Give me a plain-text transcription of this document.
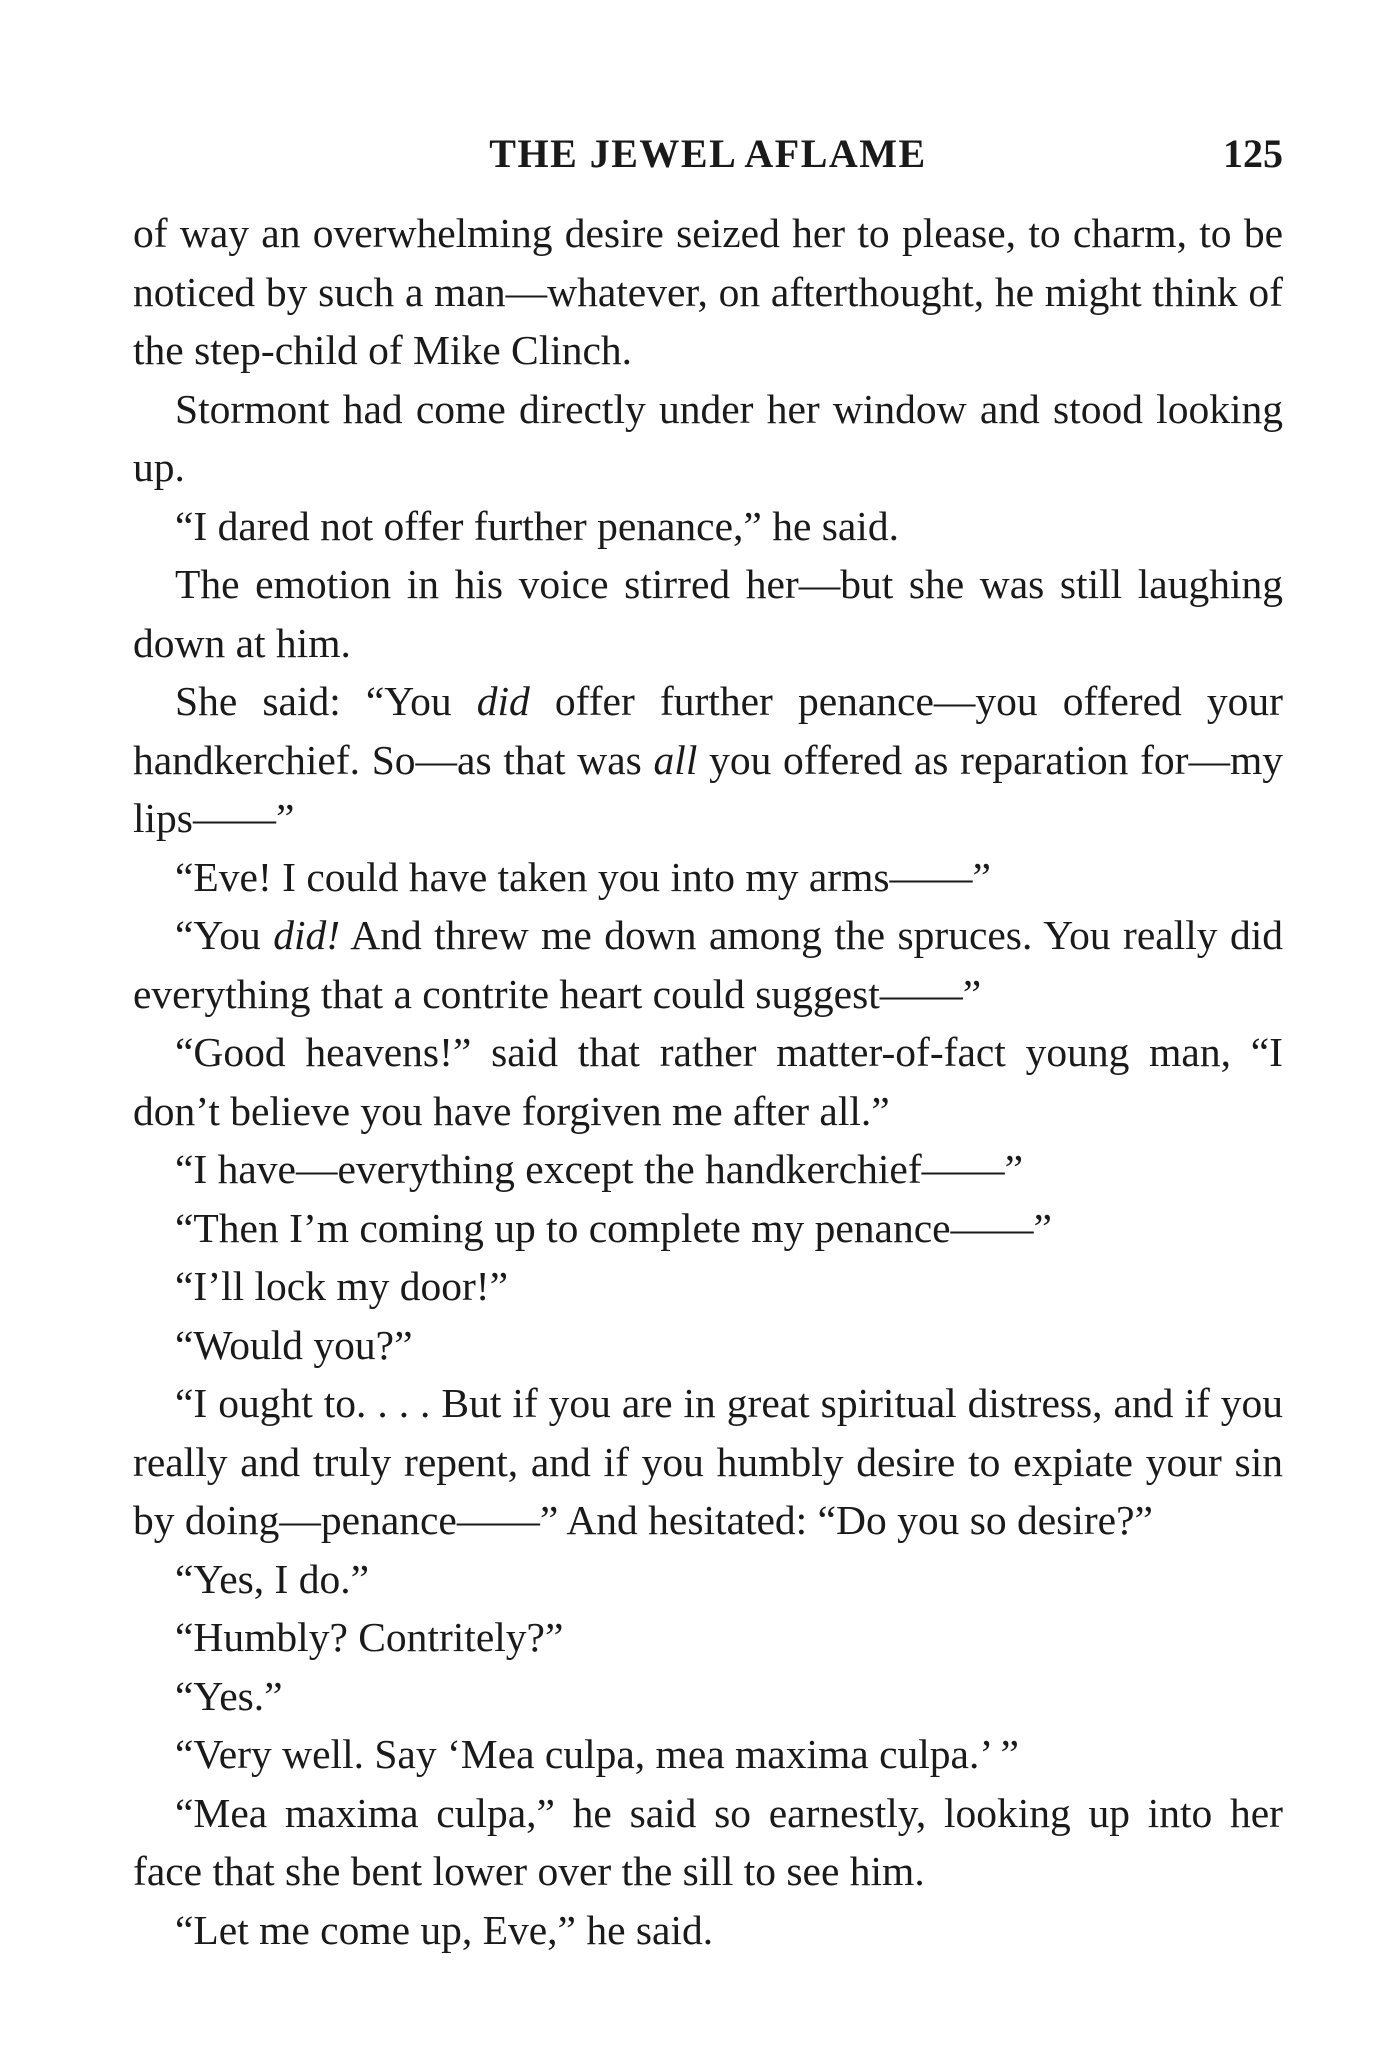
THE JEWEL AFLAME	125

of way an overwhelming desire seized her to please, to charm, to be noticed by such a man—whatever, on afterthought, he might think of the step-child of Mike Clinch.

Stormont had come directly under her window and stood looking up.

“I dared not offer further penance,” he said.

The emotion in his voice stirred her—but she was still laughing down at him.

She said: “You did offer further penance—you offered your handkerchief. So—as that was all you offered as reparation for—my lips——”

“Eve! I could have taken you into my arms——”

“You did! And threw me down among the spruces. You really did everything that a contrite heart could suggest——”

“Good heavens!” said that rather matter-of-fact young man, “I don’t believe you have forgiven me after all.”

“I have—everything except the handkerchief——”

“Then I’m coming up to complete my penance——”

“I’ll lock my door!”

“Would you?”

“I ought to. . . . But if you are in great spiritual distress, and if you really and truly repent, and if you humbly desire to expiate your sin by doing—penance——” And hesitated: “Do you so desire?”

“Yes, I do.”

“Humbly? Contritely?”

“Yes.”

“Very well. Say ‘Mea culpa, mea maxima culpa.’ ”

“Mea maxima culpa,” he said so earnestly, looking up into her face that she bent lower over the sill to see him.

“Let me come up, Eve,” he said.
